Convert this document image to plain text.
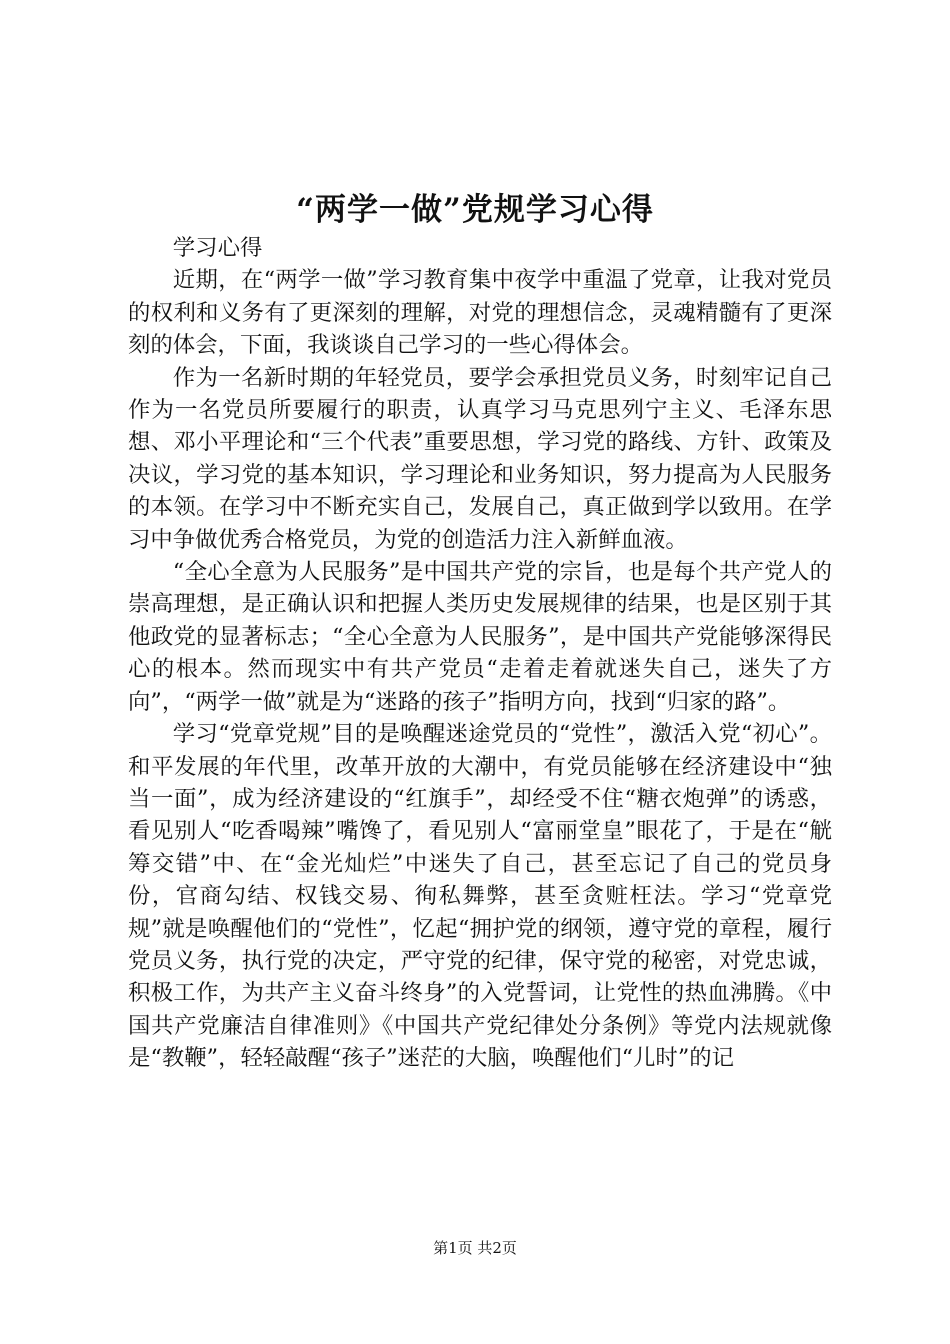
“两学一做”党规学习心得

学习心得

近期，在“两学一做”学习教育集中夜学中重温了党章，让我对党员的权利和义务有了更深刻的理解，对党的理想信念，灵魂精髓有了更深刻的体会，下面，我谈谈自己学习的一些心得体会。

作为一名新时期的年轻党员，要学会承担党员义务，时刻牢记自己作为一名党员所要履行的职责，认真学习马克思列宁主义、毛泽东思想、邓小平理论和“三个代表”重要思想，学习党的路线、方针、政策及决议，学习党的基本知识，学习理论和业务知识，努力提高为人民服务的本领。在学习中不断充实自己，发展自己，真正做到学以致用。在学习中争做优秀合格党员，为党的创造活力注入新鲜血液。

“全心全意为人民服务”是中国共产党的宗旨，也是每个共产党人的崇高理想，是正确认识和把握人类历史发展规律的结果，也是区别于其他政党的显著标志；“全心全意为人民服务”，是中国共产党能够深得民心的根本。然而现实中有共产党员“走着走着就迷失自己，迷失了方向”，“两学一做”就是为“迷路的孩子”指明方向，找到“归家的路”。

学习“党章党规”目的是唤醒迷途党员的“党性”，激活入党“初心”。和平发展的年代里，改革开放的大潮中，有党员能够在经济建设中“独当一面”，成为经济建设的“红旗手”，却经受不住“糖衣炮弹”的诱惑，看见别人“吃香喝辣”嘴馋了，看见别人“富丽堂皇”眼花了，于是在“觥筹交错”中、在“金光灿烂”中迷失了自己，甚至忘记了自己的党员身份，官商勾结、权钱交易、徇私舞弊，甚至贪赃枉法。学习“党章党规”就是唤醒他们的“党性”，忆起“拥护党的纲领，遵守党的章程，履行党员义务，执行党的决定，严守党的纪律，保守党的秘密，对党忠诚，积极工作，为共产主义奋斗终身”的入党誓词，让党性的热血沸腾。《中国共产党廉洁自律准则》《中国共产党纪律处分条例》等党内法规就像是“教鞭”，轻轻敲醒“孩子”迷茫的大脑，唤醒他们“儿时”的记

第1页 共2页
